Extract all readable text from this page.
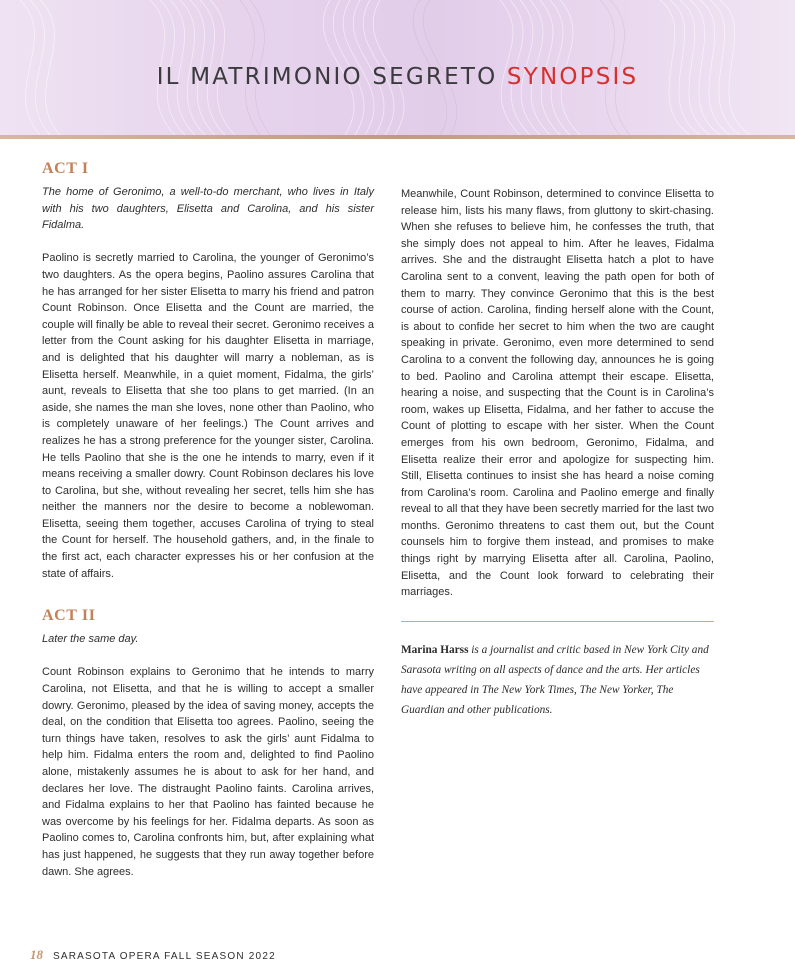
IL MATRIMONIO SEGRETO SYNOPSIS
ACT I

The home of Geronimo, a well-to-do merchant, who lives in Italy with his two daughters, Elisetta and Carolina, and his sister Fidalma.

Paolino is secretly married to Carolina, the younger of Geronimo’s two daughters. As the opera begins, Paolino assures Carolina that he has arranged for her sister Elisetta to marry his friend and patron Count Robinson. Once Elisetta and the Count are married, the couple will finally be able to reveal their secret. Geronimo receives a letter from the Count asking for his daughter Elisetta in marriage, and is delighted that his daughter will marry a nobleman, as is Elisetta herself. Meanwhile, in a quiet moment, Fidalma, the girls’ aunt, reveals to Elisetta that she too plans to get married. (In an aside, she names the man she loves, none other than Paolino, who is completely unaware of her feelings.) The Count arrives and realizes he has a strong preference for the younger sister, Carolina. He tells Paolino that she is the one he intends to marry, even if it means receiving a smaller dowry. Count Robinson declares his love to Carolina, but she, without revealing her secret, tells him she has neither the manners nor the desire to become a noblewoman. Elisetta, seeing them together, accuses Carolina of trying to steal the Count for herself. The household gathers, and, in the finale to the first act, each character expresses his or her confusion at the state of affairs.

ACT II

Later the same day.

Count Robinson explains to Geronimo that he intends to marry Carolina, not Elisetta, and that he is willing to accept a smaller dowry. Geronimo, pleased by the idea of saving money, accepts the deal, on the condition that Elisetta too agrees. Paolino, seeing the turn things have taken, resolves to ask the girls’ aunt Fidalma to help him. Fidalma enters the room and, delighted to find Paolino alone, mistakenly assumes he is about to ask for her hand, and declares her love. The distraught Paolino faints. Carolina arrives, and Fidalma explains to her that Paolino has fainted because he was overcome by his feelings for her. Fidalma departs. As soon as Paolino comes to, Carolina confronts him, but, after explaining what has just happened, he suggests that they run away together before dawn. She agrees.

Meanwhile, Count Robinson, determined to convince Elisetta to release him, lists his many flaws, from gluttony to skirt-chasing. When she refuses to believe him, he confesses the truth, that she simply does not appeal to him. After he leaves, Fidalma arrives. She and the distraught Elisetta hatch a plot to have Carolina sent to a convent, leaving the path open for both of them to marry. They convince Geronimo that this is the best course of action. Carolina, finding herself alone with the Count, is about to confide her secret to him when the two are caught speaking in private. Geronimo, even more determined to send Carolina to a convent the following day, announces he is going to bed. Paolino and Carolina attempt their escape. Elisetta, hearing a noise, and suspecting that the Count is in Carolina’s room, wakes up Elisetta, Fidalma, and her father to accuse the Count of plotting to escape with her sister. When the Count emerges from his own bedroom, Geronimo, Fidalma, and Elisetta realize their error and apologize for suspecting him. Still, Elisetta continues to insist she has heard a noise coming from Carolina’s room. Carolina and Paolino emerge and finally reveal to all that they have been secretly married for the last two months. Geronimo threatens to cast them out, but the Count counsels him to forgive them instead, and promises to make things right by marrying Elisetta after all. Carolina, Paolino, Elisetta, and the Count look forward to celebrating their marriages.

Marina Harss is a journalist and critic based in New York City and Sarasota writing on all aspects of dance and the arts. Her articles have appeared in The New York Times, The New Yorker, The Guardian and other publications.

18 SARASOTA OPERA FALL SEASON 2022
